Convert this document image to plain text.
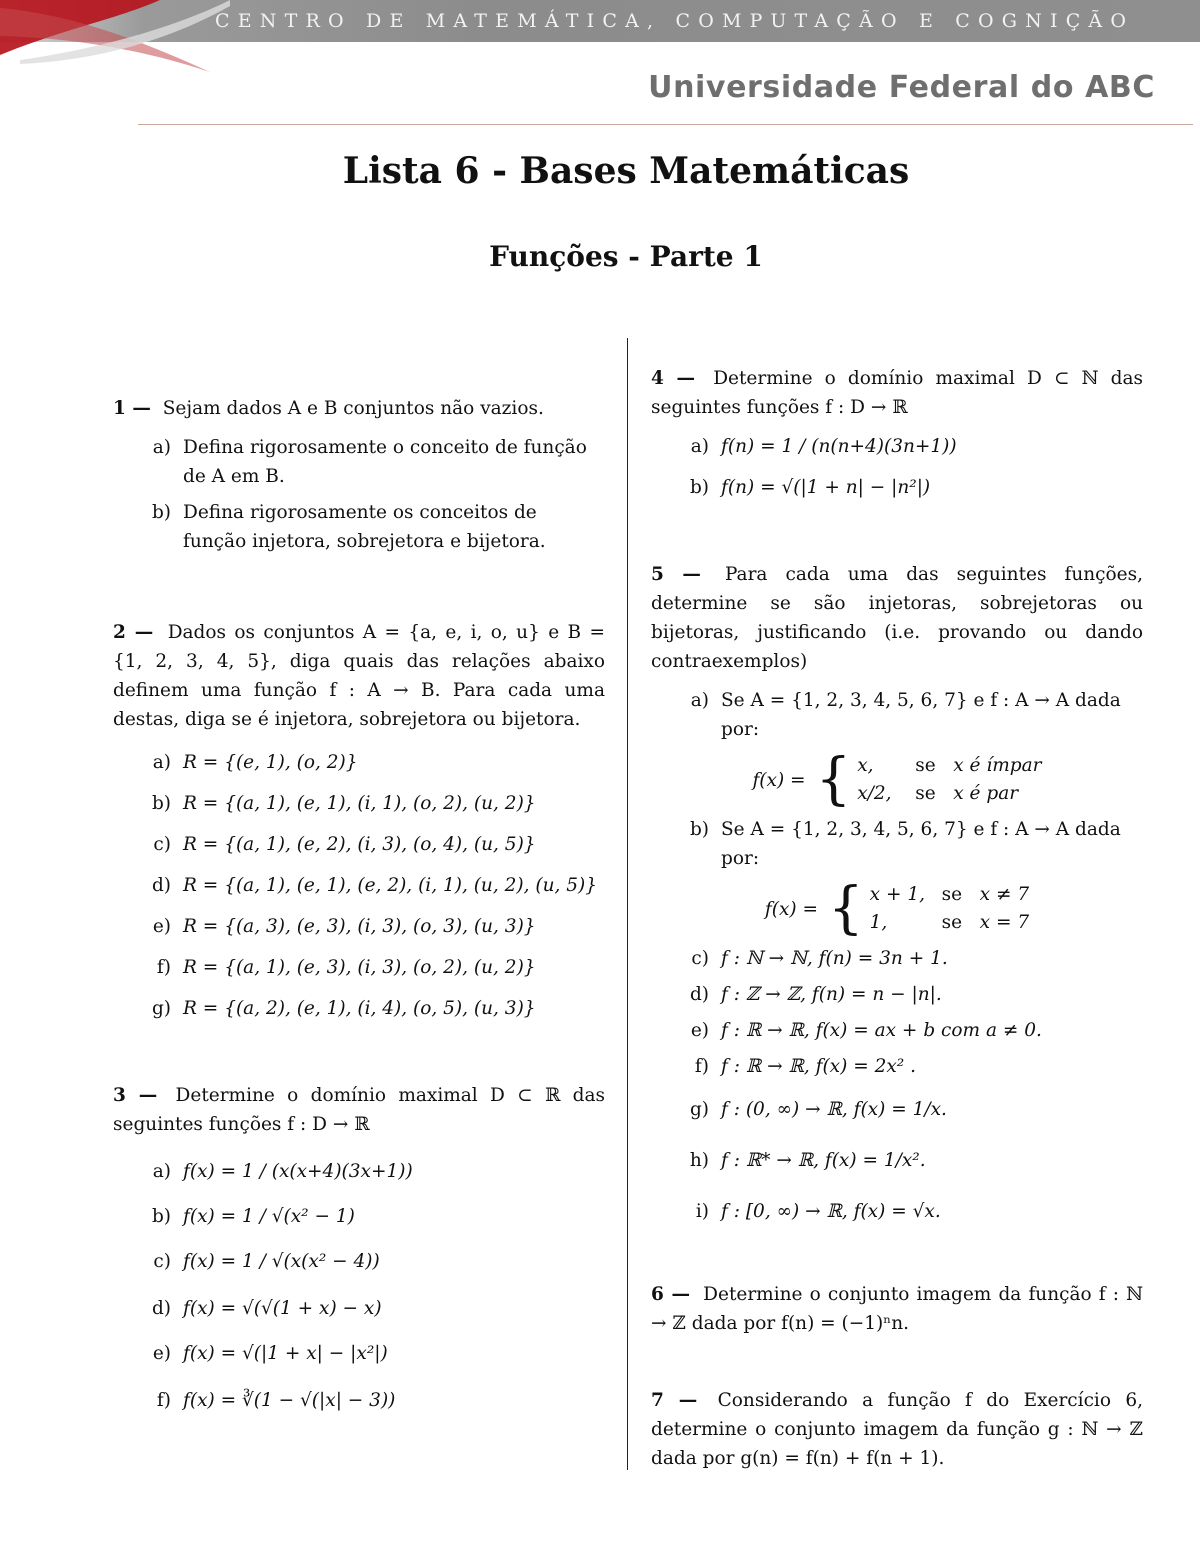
CENTRO DE MATEMÁTICA, COMPUTAÇÃO E COGNIÇÃO
Universidade Federal do ABC
Lista 6 - Bases Matemáticas
Funções - Parte 1
1 — Sejam dados A e B conjuntos não vazios.
a) Defina rigorosamente o conceito de função de A em B.
b) Defina rigorosamente os conceitos de função injetora, sobrejetora e bijetora.
2 — Dados os conjuntos A = {a, e, i, o, u} e B = {1, 2, 3, 4, 5}, diga quais das relações abaixo definem uma função f : A → B. Para cada uma destas, diga se é injetora, sobrejetora ou bijetora.
a) R = {(e, 1), (o, 2)}
b) R = {(a, 1), (e, 1), (i, 1), (o, 2), (u, 2)}
c) R = {(a, 1), (e, 2), (i, 3), (o, 4), (u, 5)}
d) R = {(a, 1), (e, 1), (e, 2), (i, 1), (u, 2), (u, 5)}
e) R = {(a, 3), (e, 3), (i, 3), (o, 3), (u, 3)}
f) R = {(a, 1), (e, 3), (i, 3), (o, 2), (u, 2)}
g) R = {(a, 2), (e, 1), (i, 4), (o, 5), (u, 3)}
3 — Determine o domínio maximal D ⊂ ℝ das seguintes funções f : D → ℝ
a) f(x) = 1 / (x(x+4)(3x+1))
b) f(x) = 1 / √(x² − 1)
c) f(x) = 1 / √(x(x² − 4))
d) f(x) = √(√(1 + x) − x)
e) f(x) = √(|1 + x| − |x²|)
f) f(x) = ∛(1 − √(|x| − 3))
4 — Determine o domínio maximal D ⊂ ℕ das seguintes funções f : D → ℝ
a) f(n) = 1 / (n(n+4)(3n+1))
b) f(n) = √(|1 + n| − |n²|)
5 — Para cada uma das seguintes funções, determine se são injetoras, sobrejetoras ou bijetoras, justificando (i.e. provando ou dando contraexemplos)
a) Se A = {1, 2, 3, 4, 5, 6, 7} e f : A → A dada por:
f(x) = { x, se x é ímpar
x/2, se x é par
b) Se A = {1, 2, 3, 4, 5, 6, 7} e f : A → A dada por:
f(x) = { x + 1, se x ≠ 7
1,	se x = 7
c) f : ℕ → ℕ, f(n) = 3n + 1.
d) f : ℤ → ℤ, f(n) = n − |n|.
e) f : ℝ → ℝ, f(x) = ax + b com a ≠ 0.
f) f : ℝ → ℝ, f(x) = 2x² .
g) f : (0, ∞) → ℝ, f(x) = 1/x.
h) f : ℝ* → ℝ, f(x) = 1/x².
i) f : [0, ∞) → ℝ, f(x) = √x.
6 — Determine o conjunto imagem da função f : ℕ → ℤ dada por f(n) = (−1)ⁿn.
7 — Considerando a função f do Exercício 6, determine o conjunto imagem da função g : ℕ → ℤ dada por g(n) = f(n) + f(n + 1).
